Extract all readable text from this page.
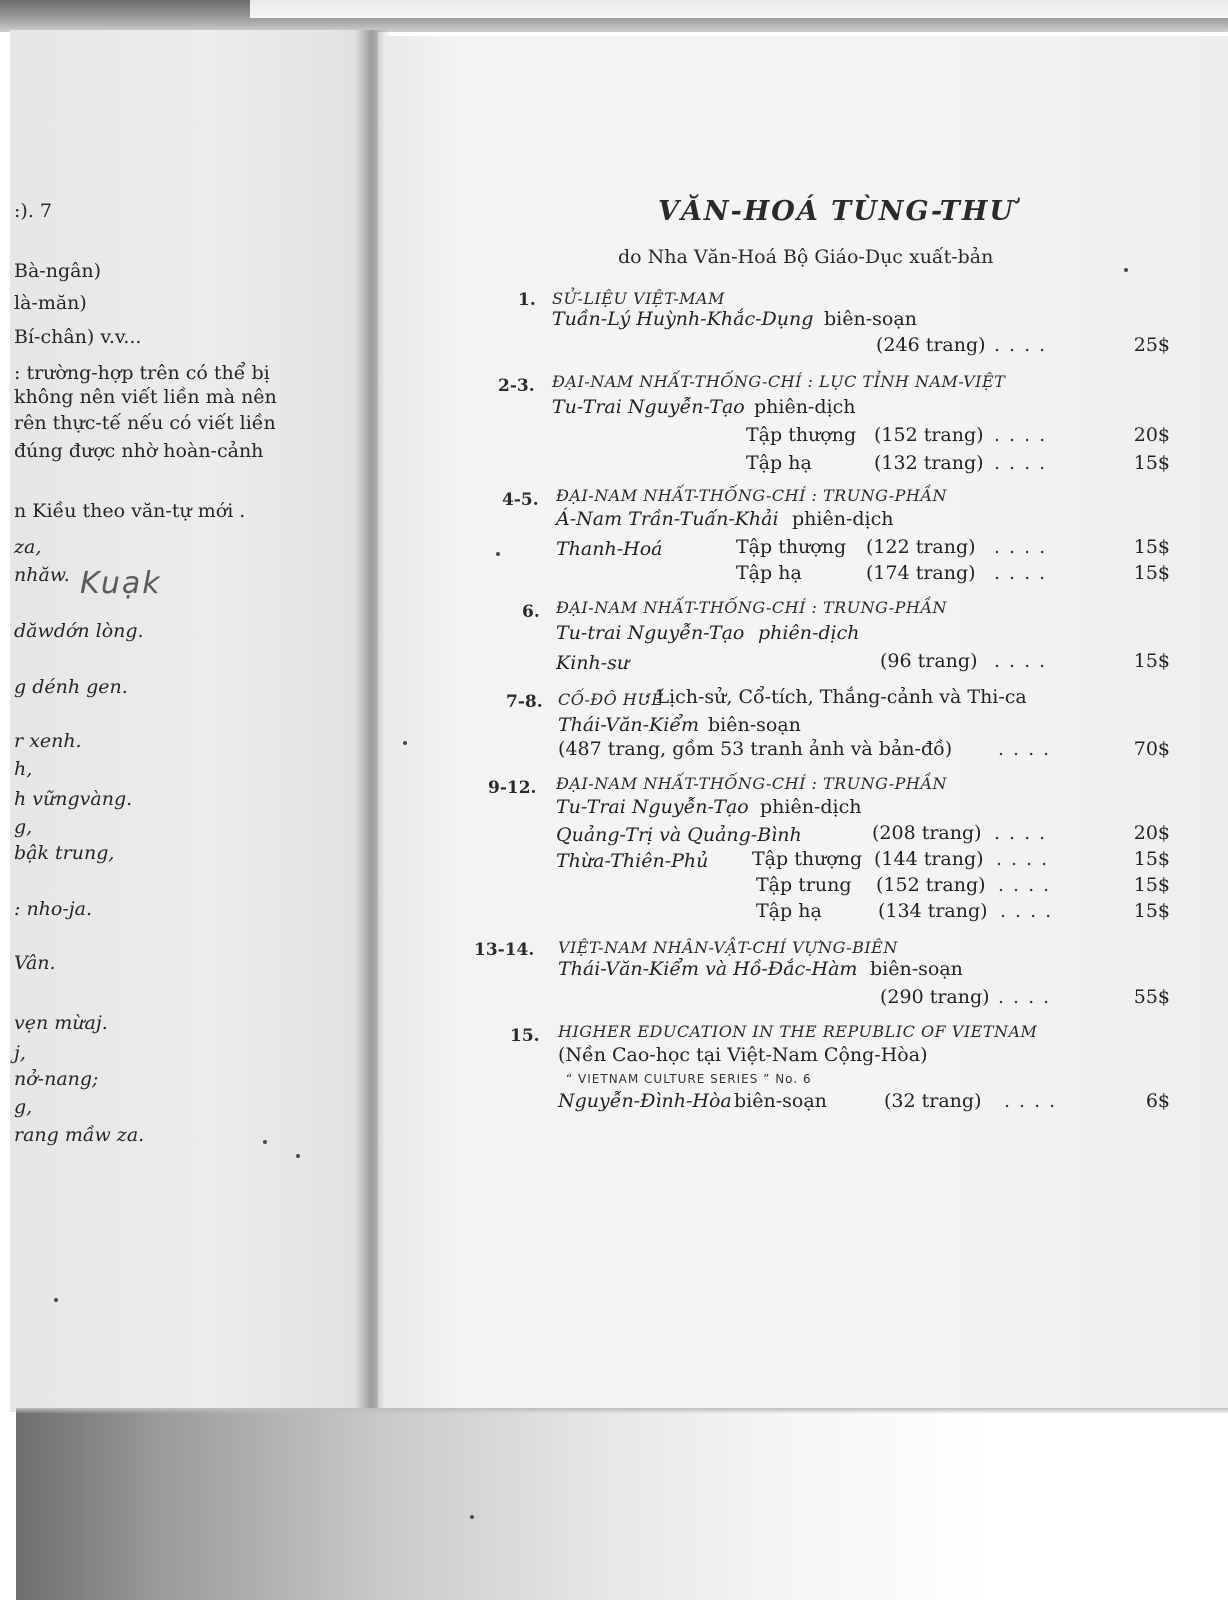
:). 7
Bà-ngân)
là-măn)
Bí-chân) v.v...
: trường-hợp trên có thể bị
không nên viết liền mà nên
rên thực-tế nếu có viết liền
đúng được nhờ hoàn-cảnh
n Kiều theo văn-tự mới .
za,
nhăw. Kuạk
dăwdớn lòng.
g dénh gen.
r xenh.
h,
h vữngvàng.
g,
bậk trung,
: nho-ja.
Vân.
vẹn mừaj.
j,
nở-nang;
g,
rang mầw za.
VĂN-HOÁ TÙNG-THƯ
do Nha Văn-Hoá Bộ Giáo-Dục xuất-bản
1. SỬ-LIỆU VIỆT-MAM
Tuần-Lý Huỳnh-Khắc-Dụng biên-soạn
(246 trang) ....	25$
2-3. ĐẠI-NAM NHẤT-THỐNG-CHÍ : LỤC TỈNH NAM-VIỆT
Tu-Trai Nguyễn-Tạo phiên-dịch
Tập thượng (152 trang) ....	20$
Tập hạ	(132 trang) ....	15$
4-5. ĐẠI-NAM NHẤT-THỐNG-CHÍ : TRUNG-PHẦN
Á-Nam Trần-Tuấn-Khải phiên-dịch
Thanh-Hoá	Tập thượng (122 trang) ....	15$
Tập hạ	(174 trang) ....	15$
6. ĐẠI-NAM NHẤT-THỐNG-CHÍ : TRUNG-PHẦN
Tu-trai Nguyễn-Tạo phiên-dịch
Kinh-sư	(96 trang) ....	15$
7-8. CỐ-ĐÔ HUẾ
: Lịch-sử, Cổ-tích, Thắng-cảnh và Thi-ca
Thái-Văn-Kiểm biên-soạn
(487 trang, gồm 53 tranh ảnh và bản-đồ) ....	70$
9-12. ĐẠI-NAM NHẤT-THỐNG-CHÍ : TRUNG-PHẦN
Tu-Trai Nguyễn-Tạo phiên-dịch
Quảng-Trị và Quảng-Bình	(208 trang) ....	20$
Thừa-Thiên-Phủ Tập thượng (144 trang) ....	15$
Tập trung (152 trang) ....	15$
Tập hạ	(134 trang) ....	15$
13-14. VIỆT-NAM NHÂN-VẬT-CHÍ VỰNG-BIÊN
Thái-Văn-Kiểm và Hồ-Đắc-Hàm biên-soạn
(290 trang) ....	55$
15. HIGHER EDUCATION IN THE REPUBLIC OF VIETNAM
(Nền Cao-học tại Việt-Nam Cộng-Hòa)
“ VIETNAM CULTURE SERIES ” No. 6
Nguyễn-Đình-Hòa biên-soạn	(32 trang) ....	6$
